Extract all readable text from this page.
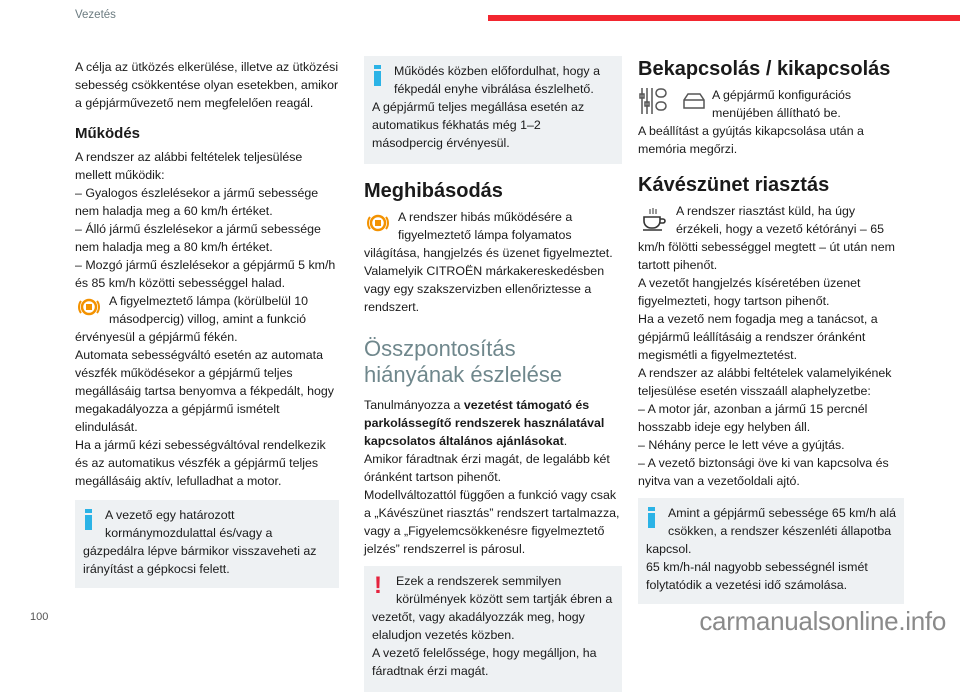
Vezetés

A célja az ütközés elkerülése, illetve az ütközési sebesség csökkentése olyan esetekben, amikor a gépjárművezető nem megfelelően reagál.

Működés

A rendszer az alábbi feltételek teljesülése mellett működik:

– Gyalogos észlelésekor a jármű sebessége nem haladja meg a 60 km/h értéket.

– Álló jármű észlelésekor a jármű sebessége nem haladja meg a 80 km/h értéket.

– Mozgó jármű észlelésekor a gépjármű 5 km/h és 85 km/h közötti sebességgel halad.

A figyelmeztető lámpa (körülbelül 10 másodpercig) villog, amint a funkció érvényesül a gépjármű fékén.

Automata sebességváltó esetén az automata vészfék működésekor a gépjármű teljes megállásáig tartsa benyomva a fékpedált, hogy megakadályozza a gépjármű ismételt elindulását.

Ha a jármű kézi sebességváltóval rendelkezik és az automatikus vészfék a gépjármű teljes megállásáig aktív, lefulladhat a motor.

A vezető egy határozott kormánymozdulattal és/vagy a gázpedálra lépve bármikor visszaveheti az irányítást a gépkocsi felett.

Működés közben előfordulhat, hogy a fékpedál enyhe vibrálása észlelhető.

A gépjármű teljes megállása esetén az automatikus fékhatás még 1–2 másodpercig érvényesül.

Meghibásodás

A rendszer hibás működésére a figyelmeztető lámpa folyamatos világítása, hangjelzés és üzenet figyelmeztet. Valamelyik CITROËN márkakereskedésben vagy egy szakszervizben ellenőriztesse a rendszert.

Összpontosítás hiányának észlelése

Tanulmányozza a vezetést támogató és parkolássegítő rendszerek használatával kapcsolatos általános ajánlásokat.

Amikor fáradtnak érzi magát, de legalább két óránként tartson pihenőt.

Modellváltozattól függően a funkció vagy csak a „Kávészünet riasztás” rendszert tartalmazza, vagy a „Figyelemcsökkenésre figyelmeztető jelzés” rendszerrel is párosul.

!	Ezek a rendszerek semmilyen körülmények között sem tartják ébren a vezetőt, vagy akadályozzák meg, hogy elaludjon vezetés közben.

A vezető felelőssége, hogy megálljon, ha fáradtnak érzi magát.

Bekapcsolás / kikapcsolás

A gépjármű konfigurációs menüjében állítható be.

A beállítást a gyújtás kikapcsolása után a memória megőrzi.

Kávészünet riasztás

A rendszer riasztást küld, ha úgy érzékeli, hogy a vezető kétórányi – 65 km/h fölötti sebességgel megtett – út után nem tartott pihenőt.

A vezetőt hangjelzés kíséretében üzenet figyelmezteti, hogy tartson pihenőt.

Ha a vezető nem fogadja meg a tanácsot, a gépjármű leállításáig a rendszer óránként megismétli a figyelmeztetést.

A rendszer az alábbi feltételek valamelyikének teljesülése esetén visszaáll alaphelyzetbe:

– A motor jár, azonban a jármű 15 percnél hosszabb ideje egy helyben áll.

– Néhány perce le lett véve a gyújtás.

– A vezető biztonsági öve ki van kapcsolva és nyitva van a vezetőoldali ajtó.

Amint a gépjármű sebessége 65 km/h alá csökken, a rendszer készenléti állapotba kapcsol.

65 km/h-nál nagyobb sebességnél ismét folytatódik a vezetési idő számolása.

100	carmanualsonline.info
